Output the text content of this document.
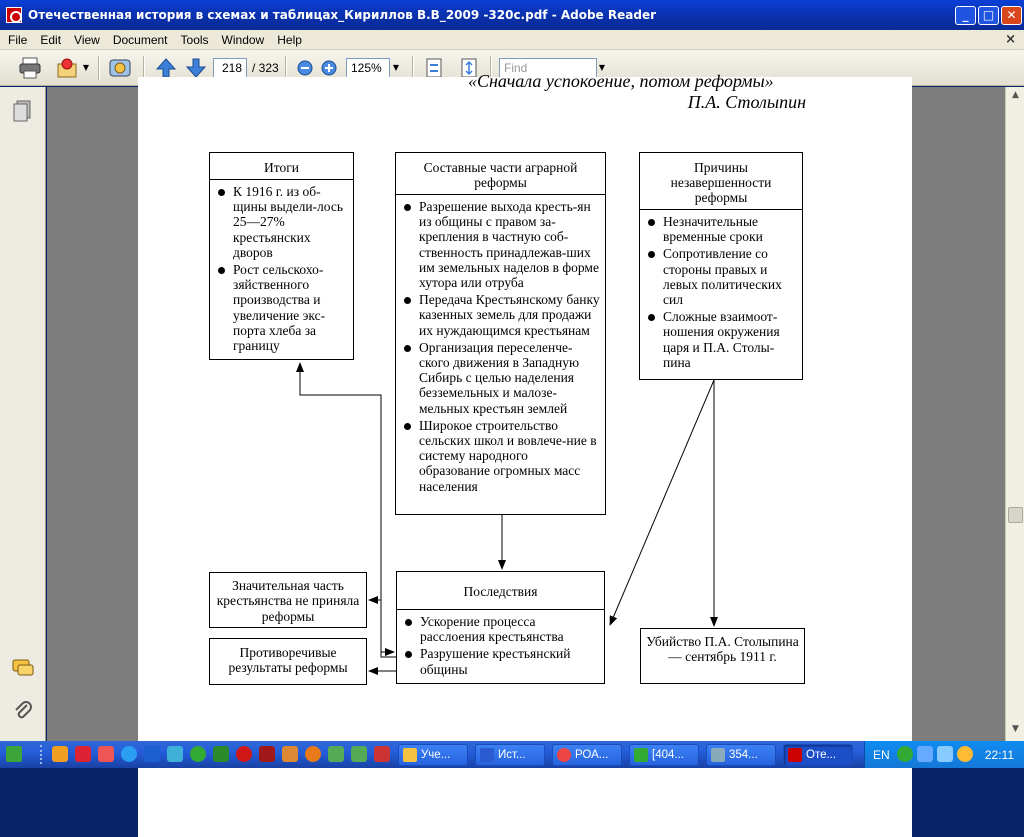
Отечественная история в схемах и таблицах_Кириллов В.В_2009 -320с.pdf - Adobe Reader	_	□	✕
File	Edit	View	Document	Tools	Window	Help	×
▼	218 / 323	125%	▼	Find	▼
«Сначала успокоение, потом реформы»
П.А. Столыпин
Итоги
К 1916 г. из об-щины выдели-лось 25—27% крестьянских дворов
Рост сельскохо-зяйственного производства и увеличение экс-порта хлеба за границу
Составные части аграрной реформы
Разрешение выхода кресть-ян из общины с правом за-крепления в частную соб-ственность принадлежав-ших им земельных наделов в форме хутора или отруба
Передача Крестьянскому банку казенных земель для продажи их нуждающимся крестьянам
Организация переселенче-ского движения в Западную Сибирь с целью наделения безземельных и малозе-мельных крестьян землей
Широкое строительство сельских школ и вовлече-ние в систему народного образование огромных масс населения
Причины незавершенности реформы
Незначительные временные сроки
Сопротивление со стороны правых и левых политических сил
Сложные взаимоот-ношения окружения царя и П.А. Столы-пина
Значительная часть крестьянства не приняла реформы
Противоречивые результаты реформы
Последствия
Ускорение процесса расслоения крестьянства
Разрушение крестьянский общины
Убийство П.А. Столыпина — сентябрь 1911 г.
▲
▼
Уче...	Ист...	РОА...	[404...	354...	Оте...	EN	22:11
